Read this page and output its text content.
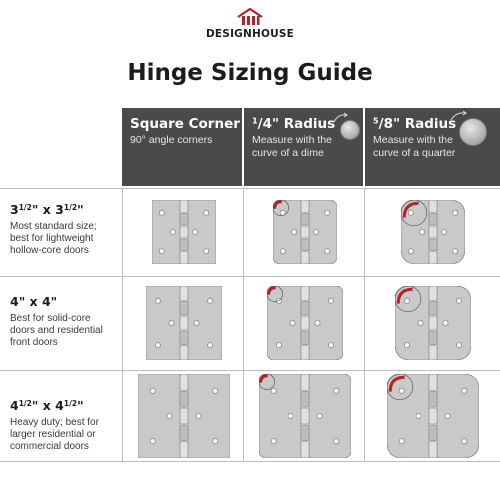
DESIGNHOUSE
Hinge Sizing Guide
Square Corner
90° angle corners
$^1$/4" Radius
Measure with the
curve of a dime
$^5$/8" Radius
Measure with the
curve of a quarter
$3^{1/2}$" x $3^{1/2}$"
Most standard size; best for lightweight hollow-core doors
4" x 4"
Best for solid-core doors and residential front doors
$4^{1/2}$" x $4^{1/2}$"
Heavy duty; best for larger residential or commercial doors
